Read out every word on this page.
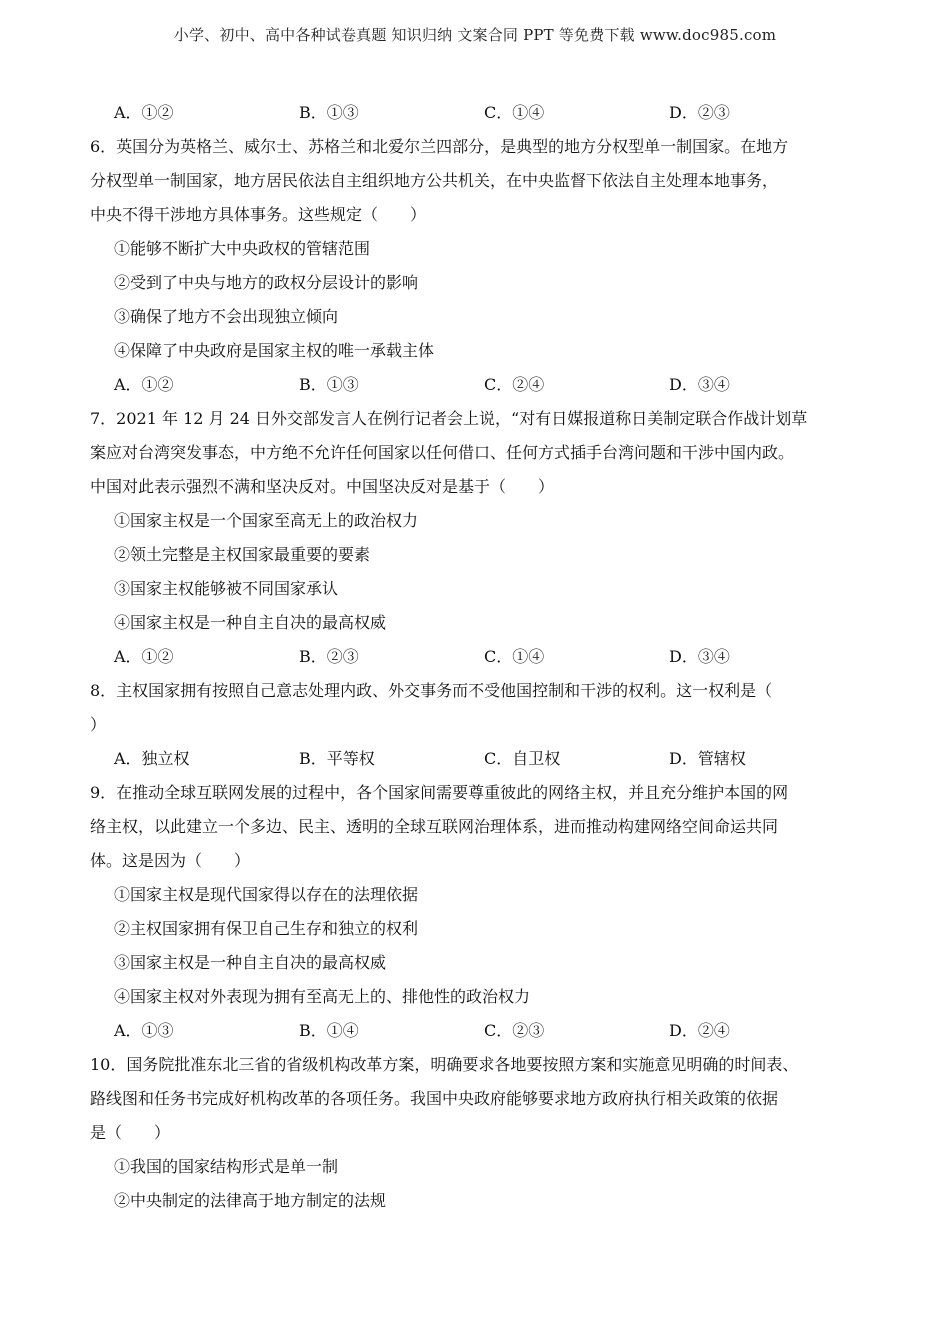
小学、初中、高中各种试卷真题 知识归纳 文案合同 PPT 等免费下载 www.doc985.com
A．①②	B．①③	C．①④	D．②③
6．英国分为英格兰、威尔士、苏格兰和北爱尔兰四部分，是典型的地方分权型单一制国家。在地方
分权型单一制国家，地方居民依法自主组织地方公共机关，在中央监督下依法自主处理本地事务，
中央不得干涉地方具体事务。这些规定（　　）
①能够不断扩大中央政权的管辖范围
②受到了中央与地方的政权分层设计的影响
③确保了地方不会出现独立倾向
④保障了中央政府是国家主权的唯一承载主体
A．①②	B．①③	C．②④	D．③④
7．2021 年 12 月 24 日外交部发言人在例行记者会上说，“对有日媒报道称日美制定联合作战计划草
案应对台湾突发事态，中方绝不允许任何国家以任何借口、任何方式插手台湾问题和干涉中国内政。
中国对此表示强烈不满和坚决反对。中国坚决反对是基于（　　）
①国家主权是一个国家至高无上的政治权力
②领土完整是主权国家最重要的要素
③国家主权能够被不同国家承认
④国家主权是一种自主自决的最高权威
A．①②	B．②③	C．①④	D．③④
8．主权国家拥有按照自己意志处理内政、外交事务而不受他国控制和干涉的权利。这一权利是（
）
A．独立权	B．平等权	C．自卫权	D．管辖权
9．在推动全球互联网发展的过程中，各个国家间需要尊重彼此的网络主权，并且充分维护本国的网
络主权，以此建立一个多边、民主、透明的全球互联网治理体系，进而推动构建网络空间命运共同
体。这是因为（　　）
①国家主权是现代国家得以存在的法理依据
②主权国家拥有保卫自己生存和独立的权利
③国家主权是一种自主自决的最高权威
④国家主权对外表现为拥有至高无上的、排他性的政治权力
A．①③	B．①④	C．②③	D．②④
10．国务院批准东北三省的省级机构改革方案，明确要求各地要按照方案和实施意见明确的时间表、
路线图和任务书完成好机构改革的各项任务。我国中央政府能够要求地方政府执行相关政策的依据
是（　　）
①我国的国家结构形式是单一制
②中央制定的法律高于地方制定的法规
